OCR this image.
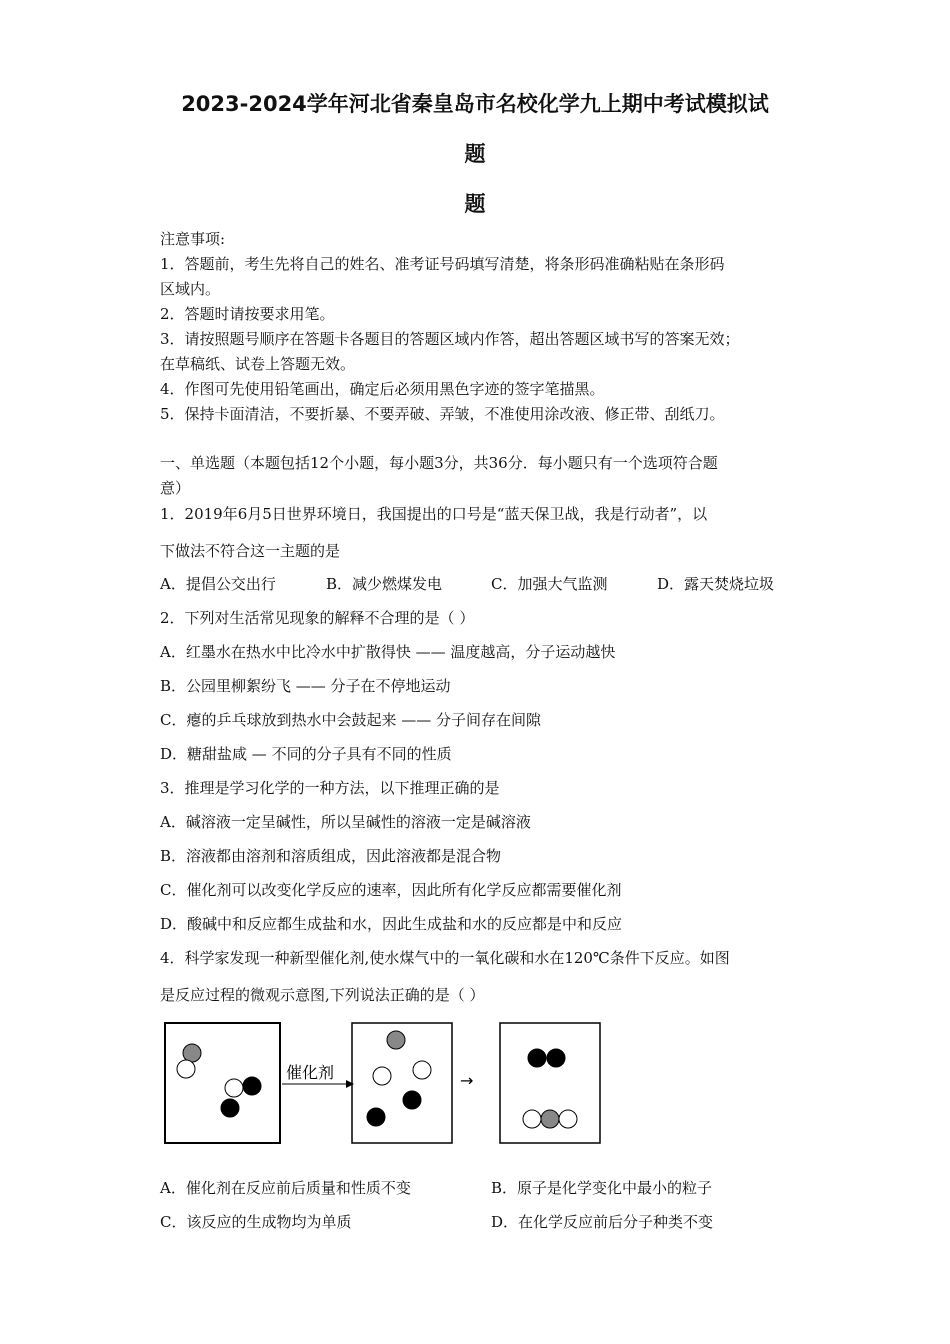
2023-2024学年河北省秦皇岛市名校化学九上期中考试模拟试
题
题
注意事项:
1．答题前，考生先将自己的姓名、准考证号码填写清楚，将条形码准确粘贴在条形码
区域内。
2．答题时请按要求用笔。
3．请按照题号顺序在答题卡各题目的答题区域内作答，超出答题区域书写的答案无效；
在草稿纸、试卷上答题无效。
4．作图可先使用铅笔画出，确定后必须用黑色字迹的签字笔描黑。
5．保持卡面清洁，不要折暴、不要弄破、弄皱，不准使用涂改液、修正带、刮纸刀。
一、单选题（本题包括12个小题，每小题3分，共36分．每小题只有一个选项符合题
意）
1．2019年6月5日世界环境日，我国提出的口号是“蓝天保卫战，我是行动者”，以
下做法不符合这一主题的是
A．提倡公交出行	B．减少燃煤发电	C．加强大气监测	D．露天焚烧垃圾
2．下列对生活常见现象的解释不合理的是（ ）
A．红墨水在热水中比冷水中扩散得快 —— 温度越高，分子运动越快
B．公园里柳絮纷飞 —— 分子在不停地运动
C．瘪的乒乓球放到热水中会鼓起来 —— 分子间存在间隙
D．糖甜盐咸 — 不同的分子具有不同的性质
3．推理是学习化学的一种方法，以下推理正确的是
A．碱溶液一定呈碱性，所以呈碱性的溶液一定是碱溶液
B．溶液都由溶剂和溶质组成，因此溶液都是混合物
C．催化剂可以改变化学反应的速率，因此所有化学反应都需要催化剂
D．酸碱中和反应都生成盐和水，因此生成盐和水的反应都是中和反应
4．科学家发现一种新型催化剂,使水煤气中的一氧化碳和水在120℃条件下反应。如图
是反应过程的微观示意图,下列说法正确的是（ ）
催化剂	→
A．催化剂在反应前后质量和性质不变	B．原子是化学变化中最小的粒子
C．该反应的生成物均为单质	D．在化学反应前后分子种类不变
